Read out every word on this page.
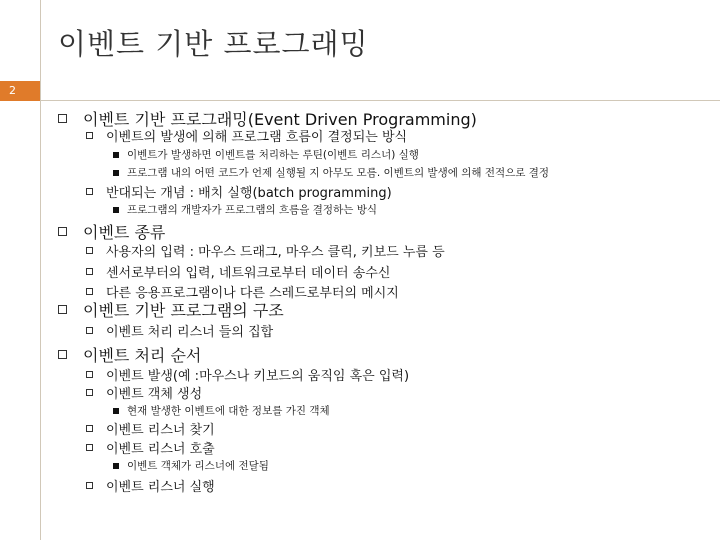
이벤트 기반 프로그래밍
2
이벤트 기반 프로그래밍(Event Driven Programming)
이벤트의 발생에 의해 프로그램 흐름이 결정되는 방식
이벤트가 발생하면 이벤트를 처리하는 루틴(이벤트 리스너) 실행
프로그램 내의 어떤 코드가 언제 실행될 지 아무도 모름. 이벤트의 발생에 의해 전적으로 결정
반대되는 개념 : 배치 실행(batch programming)
프로그램의 개발자가 프로그램의 흐름을 결정하는 방식
이벤트 종류
사용자의 입력 : 마우스 드래그, 마우스 클릭, 키보드 누름 등
센서로부터의 입력, 네트워크로부터 데이터 송수신
다른 응용프로그램이나 다른 스레드로부터의 메시지
이벤트 기반 프로그램의 구조
이벤트 처리 리스너 들의 집합
이벤트 처리 순서
이벤트 발생(예 :마우스나 키보드의 움직임 혹은 입력)
이벤트 객체 생성
현재 발생한 이벤트에 대한 정보를 가진 객체
이벤트 리스너 찾기
이벤트 리스너 호출
이벤트 객체가 리스너에 전달됨
이벤트 리스너 실행
